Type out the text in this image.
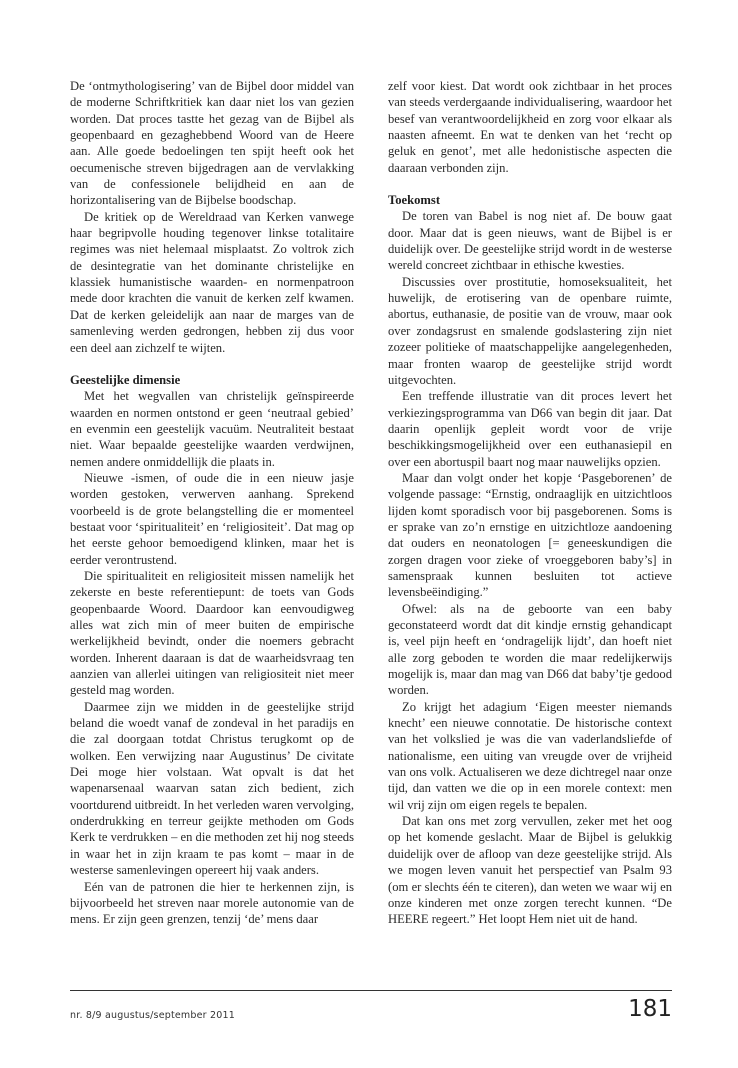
De ‘ontmythologisering’ van de Bijbel door middel van de moderne Schriftkritiek kan daar niet los van gezien worden. Dat proces tastte het gezag van de Bijbel als geopenbaard en gezaghebbend Woord van de Heere aan. Alle goede bedoelingen ten spijt heeft ook het oecumenische streven bijgedragen aan de vervlakking van de confessionele belijdheid en aan de horizontalisering van de Bijbelse boodschap.

De kritiek op de Wereldraad van Kerken vanwege haar begripvolle houding tegenover linkse totalitaire regimes was niet helemaal misplaatst. Zo voltrok zich de desintegratie van het dominante christelijke en klassiek humanistische waarden- en normenpatroon mede door krachten die vanuit de kerken zelf kwamen. Dat de kerken geleidelijk aan naar de marges van de samenleving werden gedrongen, hebben zij dus voor een deel aan zichzelf te wijten.

Geestelijke dimensie

Met het wegvallen van christelijk geïnspireerde waarden en normen ontstond er geen ‘neutraal gebied’ en evenmin een geestelijk vacuüm. Neutraliteit bestaat niet. Waar bepaalde geestelijke waarden verdwijnen, nemen andere onmiddellijk die plaats in.

Nieuwe -ismen, of oude die in een nieuw jasje worden gestoken, verwerven aanhang. Sprekend voorbeeld is de grote belangstelling die er momenteel bestaat voor ‘spiritualiteit’ en ‘religiositeit’. Dat mag op het eerste gehoor bemoedigend klinken, maar het is eerder verontrustend.

Die spiritualiteit en religiositeit missen namelijk het zekerste en beste referentiepunt: de toets van Gods geopenbaarde Woord. Daardoor kan eenvoudigweg alles wat zich min of meer buiten de empirische werkelijkheid bevindt, onder die noemers gebracht worden. Inherent daaraan is dat de waarheidsvraag ten aanzien van allerlei uitingen van religiositeit niet meer gesteld mag worden.

Daarmee zijn we midden in de geestelijke strijd beland die woedt vanaf de zondeval in het paradijs en die zal doorgaan totdat Christus terugkomt op de wolken. Een verwijzing naar Augustinus’ De civitate Dei moge hier volstaan. Wat opvalt is dat het wapenarsenaal waarvan satan zich bedient, zich voortdurend uitbreidt. In het verleden waren vervolging, onderdrukking en terreur geijkte methoden om Gods Kerk te verdrukken – en die methoden zet hij nog steeds in waar het in zijn kraam te pas komt – maar in de westerse samenlevingen opereert hij vaak anders.

Eén van de patronen die hier te herkennen zijn, is bijvoorbeeld het streven naar morele autonomie van de mens. Er zijn geen grenzen, tenzij ‘de’ mens daar

zelf voor kiest. Dat wordt ook zichtbaar in het proces van steeds verdergaande individualisering, waardoor het besef van verantwoordelijkheid en zorg voor elkaar als naasten afneemt. En wat te denken van het ‘recht op geluk en genot’, met alle hedonistische aspecten die daaraan verbonden zijn.

Toekomst

De toren van Babel is nog niet af. De bouw gaat door. Maar dat is geen nieuws, want de Bijbel is er duidelijk over. De geestelijke strijd wordt in de westerse wereld concreet zichtbaar in ethische kwesties.

Discussies over prostitutie, homoseksualiteit, het huwelijk, de erotisering van de openbare ruimte, abortus, euthanasie, de positie van de vrouw, maar ook over zondagsrust en smalende godslastering zijn niet zozeer politieke of maatschappelijke aangelegenheden, maar fronten waarop de geestelijke strijd wordt uitgevochten.

Een treffende illustratie van dit proces levert het verkiezingsprogramma van D66 van begin dit jaar. Dat daarin openlijk gepleit wordt voor de vrije beschikkingsmogelijkheid over een euthanasiepil en over een abortuspil baart nog maar nauwelijks opzien.

Maar dan volgt onder het kopje ‘Pasgeborenen’ de volgende passage: “Ernstig, ondraaglijk en uitzichtloos lijden komt sporadisch voor bij pasgeborenen. Soms is er sprake van zo’n ernstige en uitzichtloze aandoening dat ouders en neonatologen [= geneeskundigen die zorgen dragen voor zieke of vroeggeboren baby’s] in samenspraak kunnen besluiten tot actieve levensbeëindiging.”

Ofwel: als na de geboorte van een baby geconstateerd wordt dat dit kindje ernstig gehandicapt is, veel pijn heeft en ‘ondragelijk lijdt’, dan hoeft niet alle zorg geboden te worden die maar redelijkerwijs mogelijk is, maar dan mag van D66 dat baby’tje gedood worden.

Zo krijgt het adagium ‘Eigen meester niemands knecht’ een nieuwe connotatie. De historische context van het volkslied je was die van vaderlandsliefde of nationalisme, een uiting van vreugde over de vrijheid van ons volk. Actualiseren we deze dichtregel naar onze tijd, dan vatten we die op in een morele context: men wil vrij zijn om eigen regels te bepalen.

Dat kan ons met zorg vervullen, zeker met het oog op het komende geslacht. Maar de Bijbel is gelukkig duidelijk over de afloop van deze geestelijke strijd. Als we mogen leven vanuit het perspectief van Psalm 93 (om er slechts één te citeren), dan weten we waar wij en onze kinderen met onze zorgen terecht kunnen. “De HEERE regeert.” Het loopt Hem niet uit de hand.

nr. 8/9 augustus/september 2011	181
